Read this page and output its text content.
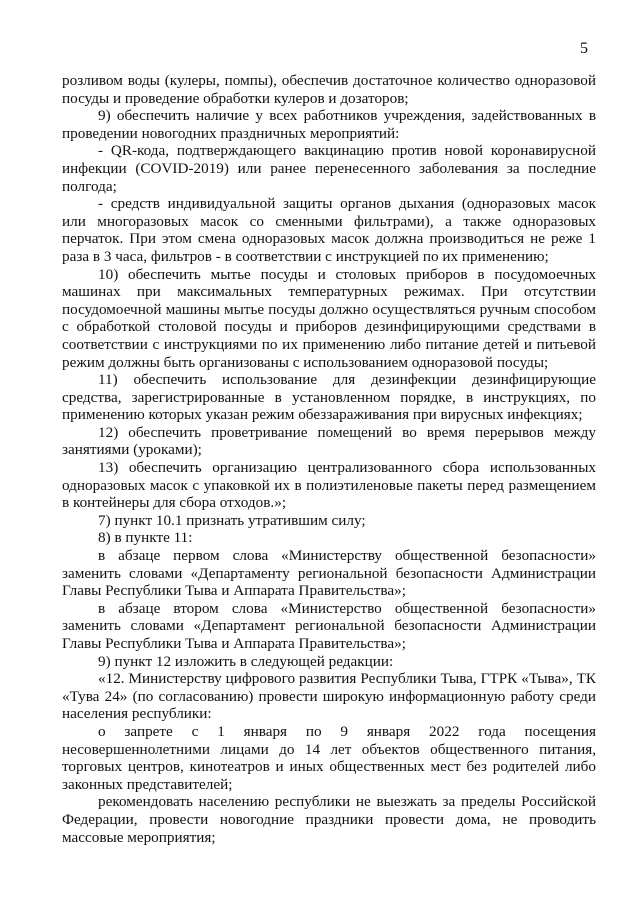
5

розливом воды (кулеры, помпы), обеспечив достаточное количество одноразовой посуды и проведение обработки кулеров и дозаторов;

9) обеспечить наличие у всех работников учреждения, задействованных в проведении новогодних праздничных мероприятий:

- QR-кода, подтверждающего вакцинацию против новой коронавирусной инфекции (COVID-2019) или ранее перенесенного заболевания за последние полгода;

- средств индивидуальной защиты органов дыхания (одноразовых масок или многоразовых масок со сменными фильтрами), а также одноразовых перчаток. При этом смена одноразовых масок должна производиться не реже 1 раза в 3 часа, фильтров - в соответствии с инструкцией по их применению;

10) обеспечить мытье посуды и столовых приборов в посудомоечных машинах при максимальных температурных режимах. При отсутствии посудомоечной машины мытье посуды должно осуществляться ручным способом с обработкой столовой посуды и приборов дезинфицирующими средствами в соответствии с инструкциями по их применению либо питание детей и питьевой режим должны быть организованы с использованием одноразовой посуды;

11) обеспечить использование для дезинфекции дезинфицирующие средства, зарегистрированные в установленном порядке, в инструкциях, по применению которых указан режим обеззараживания при вирусных инфекциях;

12) обеспечить проветривание помещений во время перерывов между занятиями (уроками);

13) обеспечить организацию централизованного сбора использованных одноразовых масок с упаковкой их в полиэтиленовые пакеты перед размещением в контейнеры для сбора отходов.»;

7) пункт 10.1 признать утратившим силу;

8) в пункте 11:

в абзаце первом слова «Министерству общественной безопасности» заменить словами «Департаменту региональной безопасности Администрации Главы Республики Тыва и Аппарата Правительства»;

в абзаце втором слова «Министерство общественной безопасности» заменить словами «Департамент региональной безопасности Администрации Главы Республики Тыва и Аппарата Правительства»;

9) пункт 12 изложить в следующей редакции:

«12. Министерству цифрового развития Республики Тыва, ГТРК «Тыва», ТК «Тува 24» (по согласованию) провести широкую информационную работу среди населения республики:

о запрете с 1 января по 9 января 2022 года посещения несовершеннолетними лицами до 14 лет объектов общественного питания, торговых центров, кинотеатров и иных общественных мест без родителей либо законных представителей;

рекомендовать населению республики не выезжать за пределы Российской Федерации, провести новогодние праздники провести дома, не проводить массовые мероприятия;
